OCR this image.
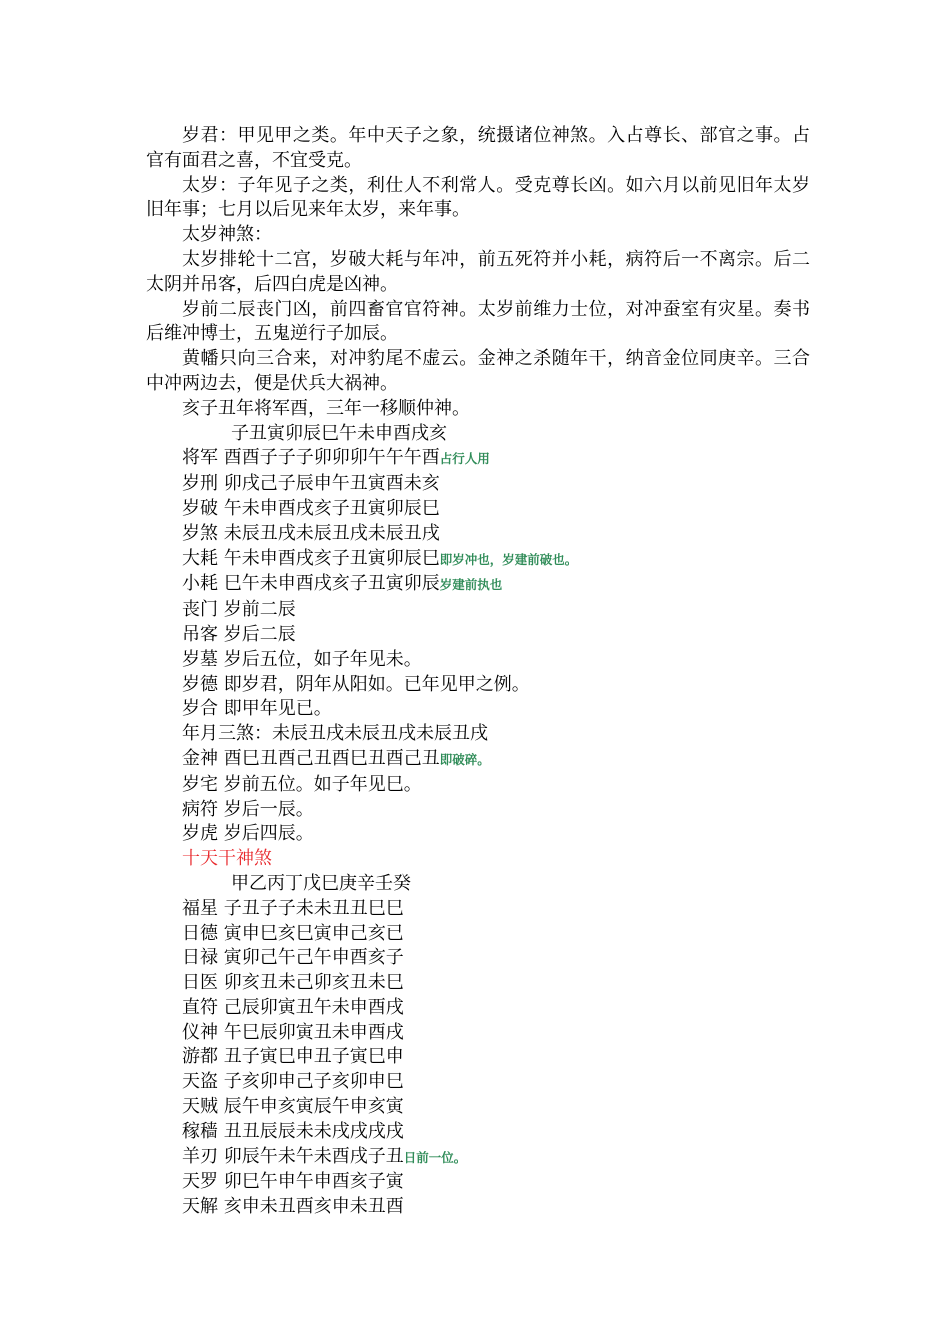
岁君：甲见甲之类。年中天子之象，统摄诸位神煞。入占尊长、部官之事。占官有面君之喜，不宜受克。

太岁：子年见子之类，利仕人不利常人。受克尊长凶。如六月以前见旧年太岁旧年事；七月以后见来年太岁，来年事。

太岁神煞：

太岁排轮十二宫，岁破大耗与年冲，前五死符并小耗，病符后一不离宗。后二太阴并吊客，后四白虎是凶神。

岁前二辰丧门凶，前四畜官官符神。太岁前维力士位，对冲蚕室有灾星。奏书后维冲博士，五鬼逆行子加辰。

黄幡只向三合来，对冲豹尾不虚云。金神之杀随年干，纳音金位同庚辛。三合中冲两边去，便是伏兵大祸神。

亥子丑年将军酉，三年一移顺仲神。

子丑寅卯辰巳午未申酉戌亥

将军 酉酉子子子卯卯卯午午午酉占行人用

岁刑 卯戌己子辰申午丑寅酉未亥

岁破 午未申酉戌亥子丑寅卯辰巳

岁煞 未辰丑戌未辰丑戌未辰丑戌

大耗 午未申酉戌亥子丑寅卯辰巳即岁冲也，岁建前破也。

小耗 巳午未申酉戌亥子丑寅卯辰岁建前执也

丧门 岁前二辰

吊客 岁后二辰

岁墓 岁后五位，如子年见未。

岁德 即岁君，阴年从阳如。已年见甲之例。

岁合 即甲年见已。

年月三煞：未辰丑戌未辰丑戌未辰丑戌

金神 酉巳丑酉己丑酉巳丑酉己丑即破碎。

岁宅 岁前五位。如子年见巳。

病符 岁后一辰。

岁虎 岁后四辰。

十天干神煞

甲乙丙丁戊巳庚辛壬癸

福星 子丑子子未未丑丑巳巳

日德 寅申巳亥巳寅申己亥已

日禄 寅卯己午己午申酉亥子

日医 卯亥丑未己卯亥丑未巳

直符 己辰卯寅丑午未申酉戌

仪神 午巳辰卯寅丑未申酉戌

游都 丑子寅巳申丑子寅巳申

天盗 子亥卯申己子亥卯申巳

天贼 辰午申亥寅辰午申亥寅

稼穑 丑丑辰辰未未戌戌戌戌

羊刃 卯辰午未午未酉戌子丑日前一位。

天罗 卯巳午申午申酉亥子寅

天解 亥申未丑酉亥申未丑酉
